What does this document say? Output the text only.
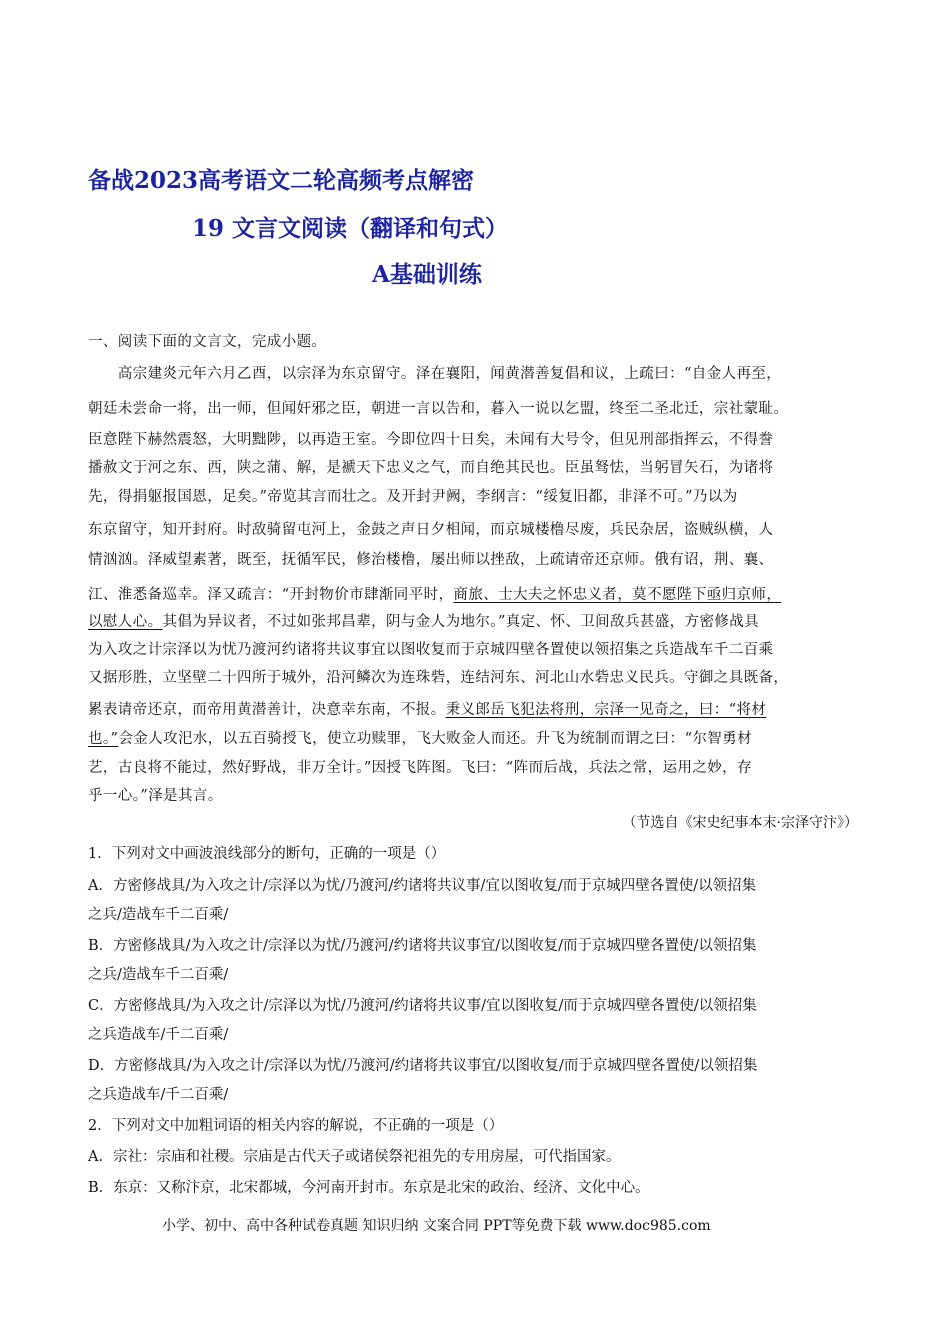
备战2023高考语文二轮高频考点解密
19 文言文阅读（翻译和句式）
A基础训练
一、阅读下面的文言文，完成小题。
　　高宗建炎元年六月乙酉，以宗泽为东京留守。泽在襄阳，闻黄潜善复倡和议，上疏曰：“自金人再至，
朝廷未尝命一将，出一师，但闻奸邪之臣，朝进一言以告和，暮入一说以乞盟，终至二圣北迁，宗社蒙耻。
臣意陛下赫然震怒，大明黜陟，以再造王室。今即位四十日矣，未闻有大号令，但见刑部指挥云，不得誊
播赦文于河之东、西，陕之蒲、解，是褫天下忠义之气，而自绝其民也。臣虽驽怯，当躬冒矢石，为诸将
先，得捐躯报国恩，足矣。”帝览其言而壮之。及开封尹阙，李纲言：“绥复旧都，非泽不可。”乃以为
东京留守，知开封府。时敌骑留屯河上，金鼓之声日夕相闻，而京城楼橹尽废，兵民杂居，盗贼纵横，人
情汹汹。泽威望素著，既至，抚循军民，修治楼橹，屡出师以挫敌，上疏请帝还京师。俄有诏，荆、襄、
江、淮悉备巡幸。泽又疏言：“开封物价市肆渐同平时，商旅、士大夫之怀忠义者，莫不愿陛下亟归京师，
以慰人心。其倡为异议者，不过如张邦昌辈，阴与金人为地尔。”真定、怀、卫间敌兵甚盛，方密修战具
为入攻之计宗泽以为忧乃渡河约诸将共议事宜以图收复而于京城四壁各置使以领招集之兵造战车千二百乘
又据形胜，立坚壁二十四所于城外，沿河鳞次为连珠砦，连结河东、河北山水砦忠义民兵。守御之具既备，
累表请帝还京，而帝用黄潜善计，决意幸东南，不报。秉义郎岳飞犯法将刑，宗泽一见奇之，曰：“将材
也。”会金人攻汜水，以五百骑授飞，使立功赎罪，飞大败金人而还。升飞为统制而谓之曰：“尔智勇材
艺，古良将不能过，然好野战，非万全计。”因授飞阵图。飞曰：“阵而后战，兵法之常，运用之妙，存
乎一心。”泽是其言。
（节选自《宋史纪事本末·宗泽守汴》）
1．下列对文中画波浪线部分的断句，正确的一项是（）
A．方密修战具/为入攻之计/宗泽以为忧/乃渡河/约诸将共议事/宜以图收复/而于京城四壁各置使/以领招集
之兵/造战车千二百乘/
B．方密修战具/为入攻之计/宗泽以为忧/乃渡河/约诸将共议事宜/以图收复/而于京城四壁各置使/以领招集
之兵/造战车千二百乘/
C．方密修战具/为入攻之计/宗泽以为忧/乃渡河/约诸将共议事/宜以图收复/而于京城四壁各置使/以领招集
之兵造战车/千二百乘/
D．方密修战具/为入攻之计/宗泽以为忧/乃渡河/约诸将共议事宜/以图收复/而于京城四壁各置使/以领招集
之兵造战车/千二百乘/
2．下列对文中加粗词语的相关内容的解说，不正确的一项是（）
A．宗社：宗庙和社稷。宗庙是古代天子或诸侯祭祀祖先的专用房屋，可代指国家。
B．东京：又称汴京，北宋都城，今河南开封市。东京是北宋的政治、经济、文化中心。
小学、初中、高中各种试卷真题 知识归纳 文案合同 PPT等免费下载 www.doc985.com
